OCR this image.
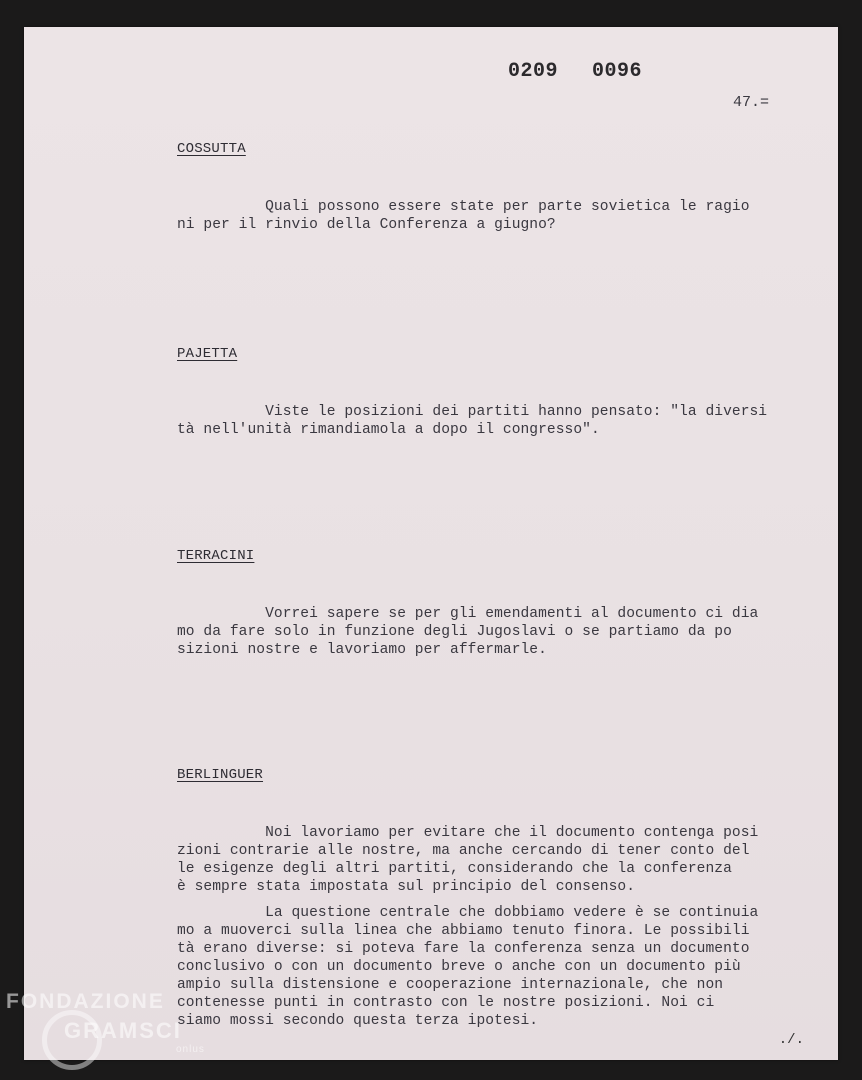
0209 0096
47.=
COSSUTTA
Quali possono essere state per parte sovietica le ragio
ni per il rinvio della Conferenza a giugno?
PAJETTA
Viste le posizioni dei partiti hanno pensato: "la diversi
tà nell'unità rimandiamola a dopo il congresso".
TERRACINI
Vorrei sapere se per gli emendamenti al documento ci dia
mo da fare solo in funzione degli Jugoslavi o se partiamo da po
sizioni nostre e lavoriamo per affermarle.
BERLINGUER
Noi lavoriamo per evitare che il documento contenga posi
zioni contrarie alle nostre, ma anche cercando di tener conto del
le esigenze degli altri partiti, considerando che la conferenza
è sempre stata impostata sul principio del consenso.
La questione centrale che dobbiamo vedere è se continuia
mo a muoverci sulla linea che abbiamo tenuto finora. Le possibili
tà erano diverse: si poteva fare la conferenza senza un documento
conclusivo o con un documento breve o anche con un documento più
ampio sulla distensione e cooperazione internazionale, che non
contenesse punti in contrasto con le nostre posizioni. Noi ci
siamo mossi secondo questa terza ipotesi.
./.
FONDAZIONE
GRAMSCI
onlus
